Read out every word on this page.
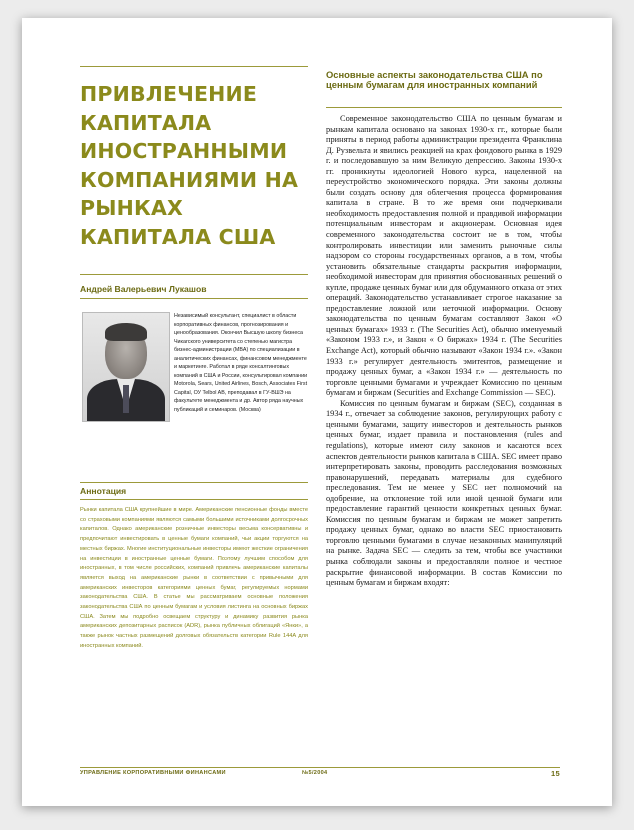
ПРИВЛЕЧЕНИЕ КАПИТАЛА ИНОСТРАННЫМИ КОМПАНИЯМИ НА РЫНКАХ КАПИТАЛА США
Андрей Валерьевич Лукашов

Независимый консультант, специалист в области корпоративных финансов, прогнозирования и ценообразования. Окончил Высшую школу бизнеса Чикагского университета со степенью магистра бизнес-администрации (MBA) по специализации в аналитических финансах, финансовом менеджменте и маркетинге. Работал в ряде консалтинговых компаний в США и России, консультировал компании Motorola, Sears, United Airlines, Bosch, Associates First Capital, ОУ Telbol AB, преподавал в ГУ-ВШЭ на факультете менеджмента и др. Автор ряда научных публикаций и семинаров. (Москва)

Аннотация

Рынки капитала США крупнейшие в мире. Американские пенсионные фонды вместе со страховыми компаниями являются самыми большими источниками долгосрочных капиталов. Однако американские розничные инвесторы весьма консервативны и предпочитают инвестировать в ценные бумаги компаний, чьи акции торгуются на местных биржах. Многие институциональные инвесторы имеют жесткие ограничения на инвестиции в иностранные ценные бумаги. Поэтому лучшим способом для иностранных, в том числе российских, компаний привлечь американские капиталы является выход на американские рынки в соответствии с привычными для американских инвесторов категориями ценных бумаг, регулируемых нормами законодательства США. В статье мы рассматриваем основные положения законодательства США по ценным бумагам и условия листинга на основных биржах США. Затем мы подробно освещаем структуру и динамику развития рынка американских депозитарных расписок (ADR), рынка публичных облигаций «Янки», а также рынок частных размещений долговых обязательств категории Rule 144A для иностранных компаний.

Основные аспекты законодательства США по ценным бумагам для иностранных компаний

Современное законодательство США по ценным бумагам и рынкам капитала основано на законах 1930-х гг., которые были приняты в период работы администрации президента Франклина Д. Рузвельта и явились реакцией на крах фондового рынка в 1929 г. и последовавшую за ним Великую депрессию. Законы 1930-х гг. проникнуты идеологией Нового курса, нацеленной на переустройство экономического порядка. Эти законы должны были создать основу для облегчения процесса формирования капитала в стране. В то же время они подчеркивали необходимость предоставления полной и правдивой информации потенциальным инвесторам и акционерам. Основная идея современного законодательства состоит не в том, чтобы контролировать инвестиции или заменить рыночные силы надзором со стороны государственных органов, а в том, чтобы установить обязательные стандарты раскрытия информации, необходимой инвесторам для принятия обоснованных решений о купле, продаже ценных бумаг или для обдуманного отказа от этих операций. Законодательство устанавливает строгое наказание за предоставление ложной или неточной информации. Основу законодательства по ценным бумагам составляют Закон «О ценных бумагах» 1933 г. (The Securities Act), обычно именуемый «Законом 1933 г.», и Закон « О биржах» 1934 г. (The Securities Exchange Act), который обычно называют «Закон 1934 г.». «Закон 1933 г.» регулирует деятельность эмитентов, размещение и продажу ценных бумаг, а «Закон 1934 г.» — деятельность по торговле ценными бумагами и учреждает Комиссию по ценным бумагам и биржам (Securities and Exchange Commission — SEC).

Комиссия по ценным бумагам и биржам (SEC), созданная в 1934 г., отвечает за соблюдение законов, регулирующих работу с ценными бумагами, защиту инвесторов и деятельность рынков ценных бумаг, издает правила и постановления (rules and regulations), которые имеют силу законов и касаются всех аспектов деятельности рынков капитала в США. SEC имеет право интерпретировать законы, проводить расследования возможных правонарушений, передавать материалы для судебного преследования. Тем не менее у SEC нет полномочий на одобрение, на отклонение той или иной ценной бумаги или предоставление гарантий ценности конкретных ценных бумаг. Комиссия по ценным бумагам и биржам не может запретить продажу ценных бумаг, однако во власти SEC приостановить торговлю ценными бумагами в случае незаконных манипуляций на рынке. Задача SEC — следить за тем, чтобы все участники рынка соблюдали законы и предоставляли полное и честное раскрытие финансовой информации. В состав Комиссии по ценным бумагам и биржам входят:

УПРАВЛЕНИЕ КОРПОРАТИВНЫМИ ФИНАНСАМИ	№5/2004	15
